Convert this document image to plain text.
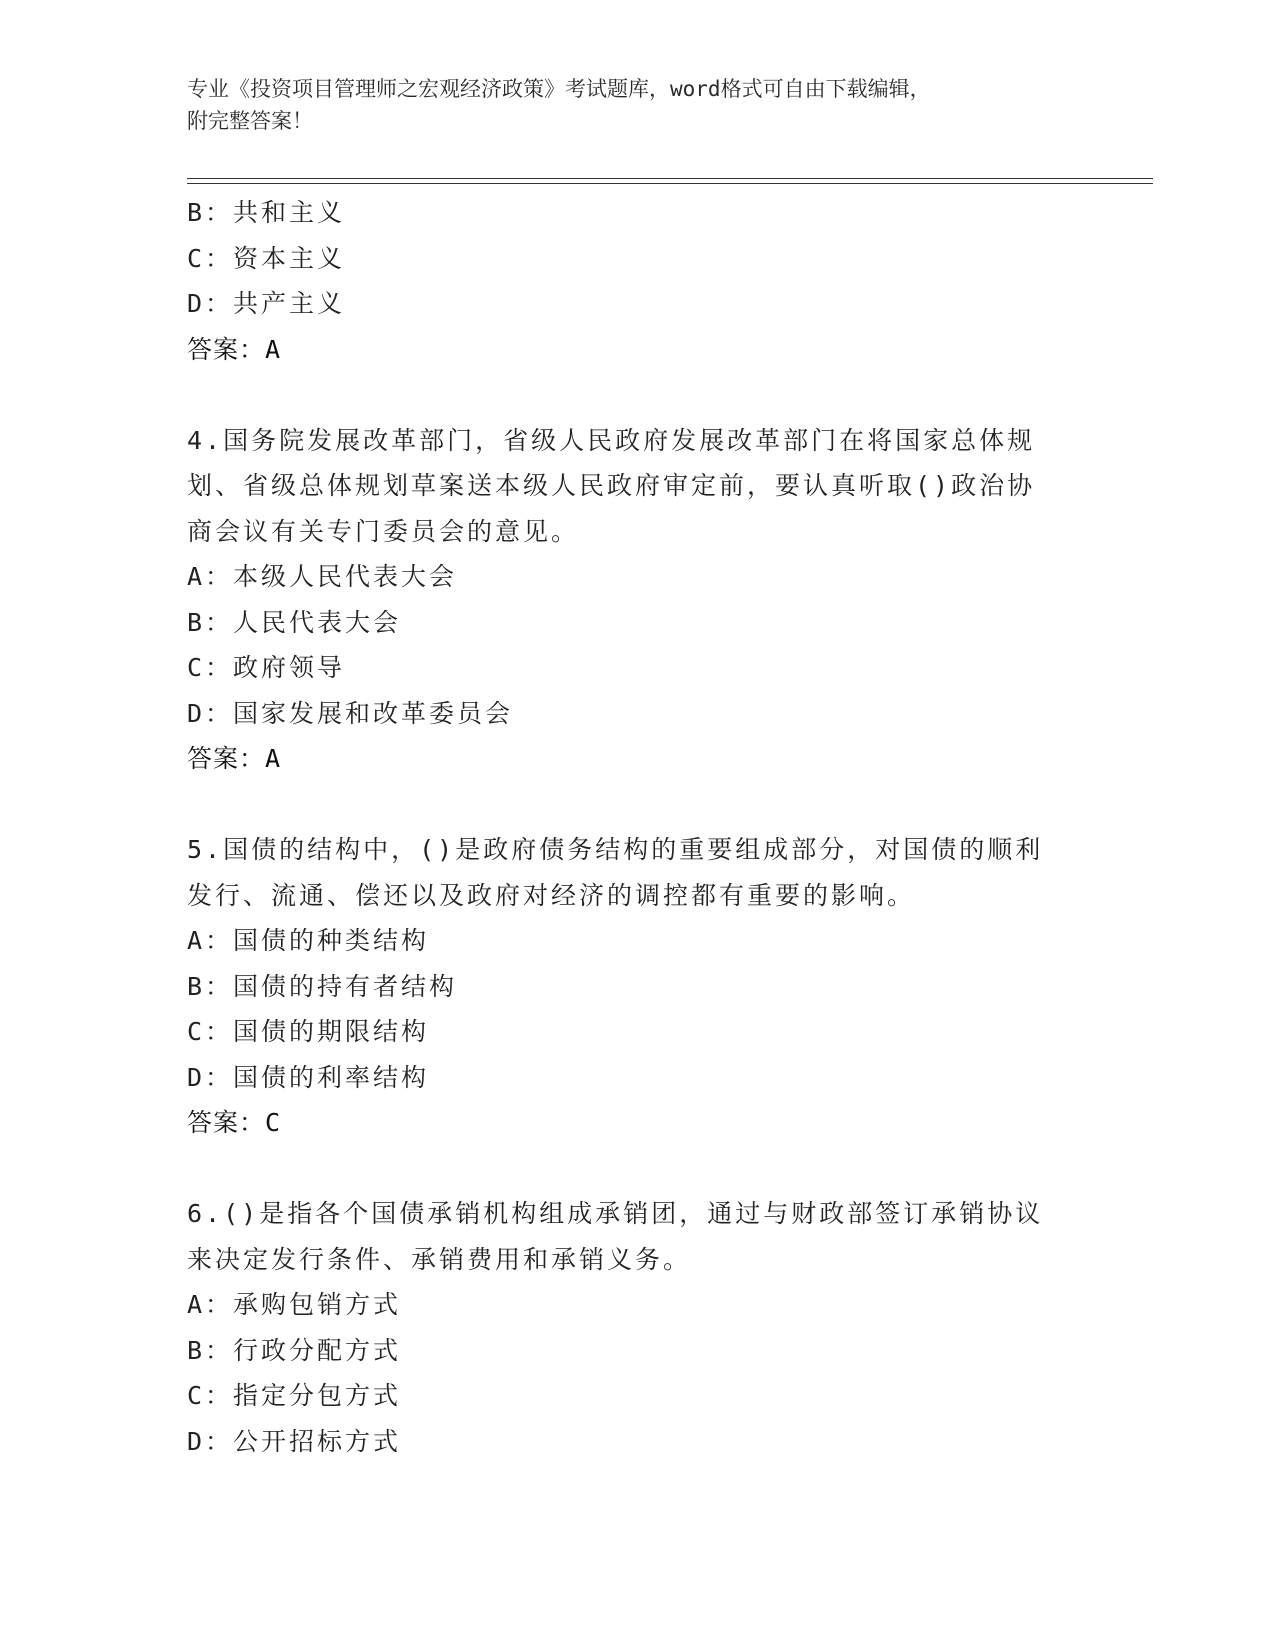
专业《投资项目管理师之宏观经济政策》考试题库，word格式可自由下载编辑，
附完整答案！
B：共和主义
C：资本主义
D：共产主义
答案：A
4.国务院发展改革部门，省级人民政府发展改革部门在将国家总体规
划、省级总体规划草案送本级人民政府审定前，要认真听取()政治协
商会议有关专门委员会的意见。
A：本级人民代表大会
B：人民代表大会
C：政府领导
D：国家发展和改革委员会
答案：A
5.国债的结构中，()是政府债务结构的重要组成部分，对国债的顺利
发行、流通、偿还以及政府对经济的调控都有重要的影响。
A：国债的种类结构
B：国债的持有者结构
C：国债的期限结构
D：国债的利率结构
答案：C
6.()是指各个国债承销机构组成承销团，通过与财政部签订承销协议
来决定发行条件、承销费用和承销义务。
A：承购包销方式
B：行政分配方式
C：指定分包方式
D：公开招标方式
